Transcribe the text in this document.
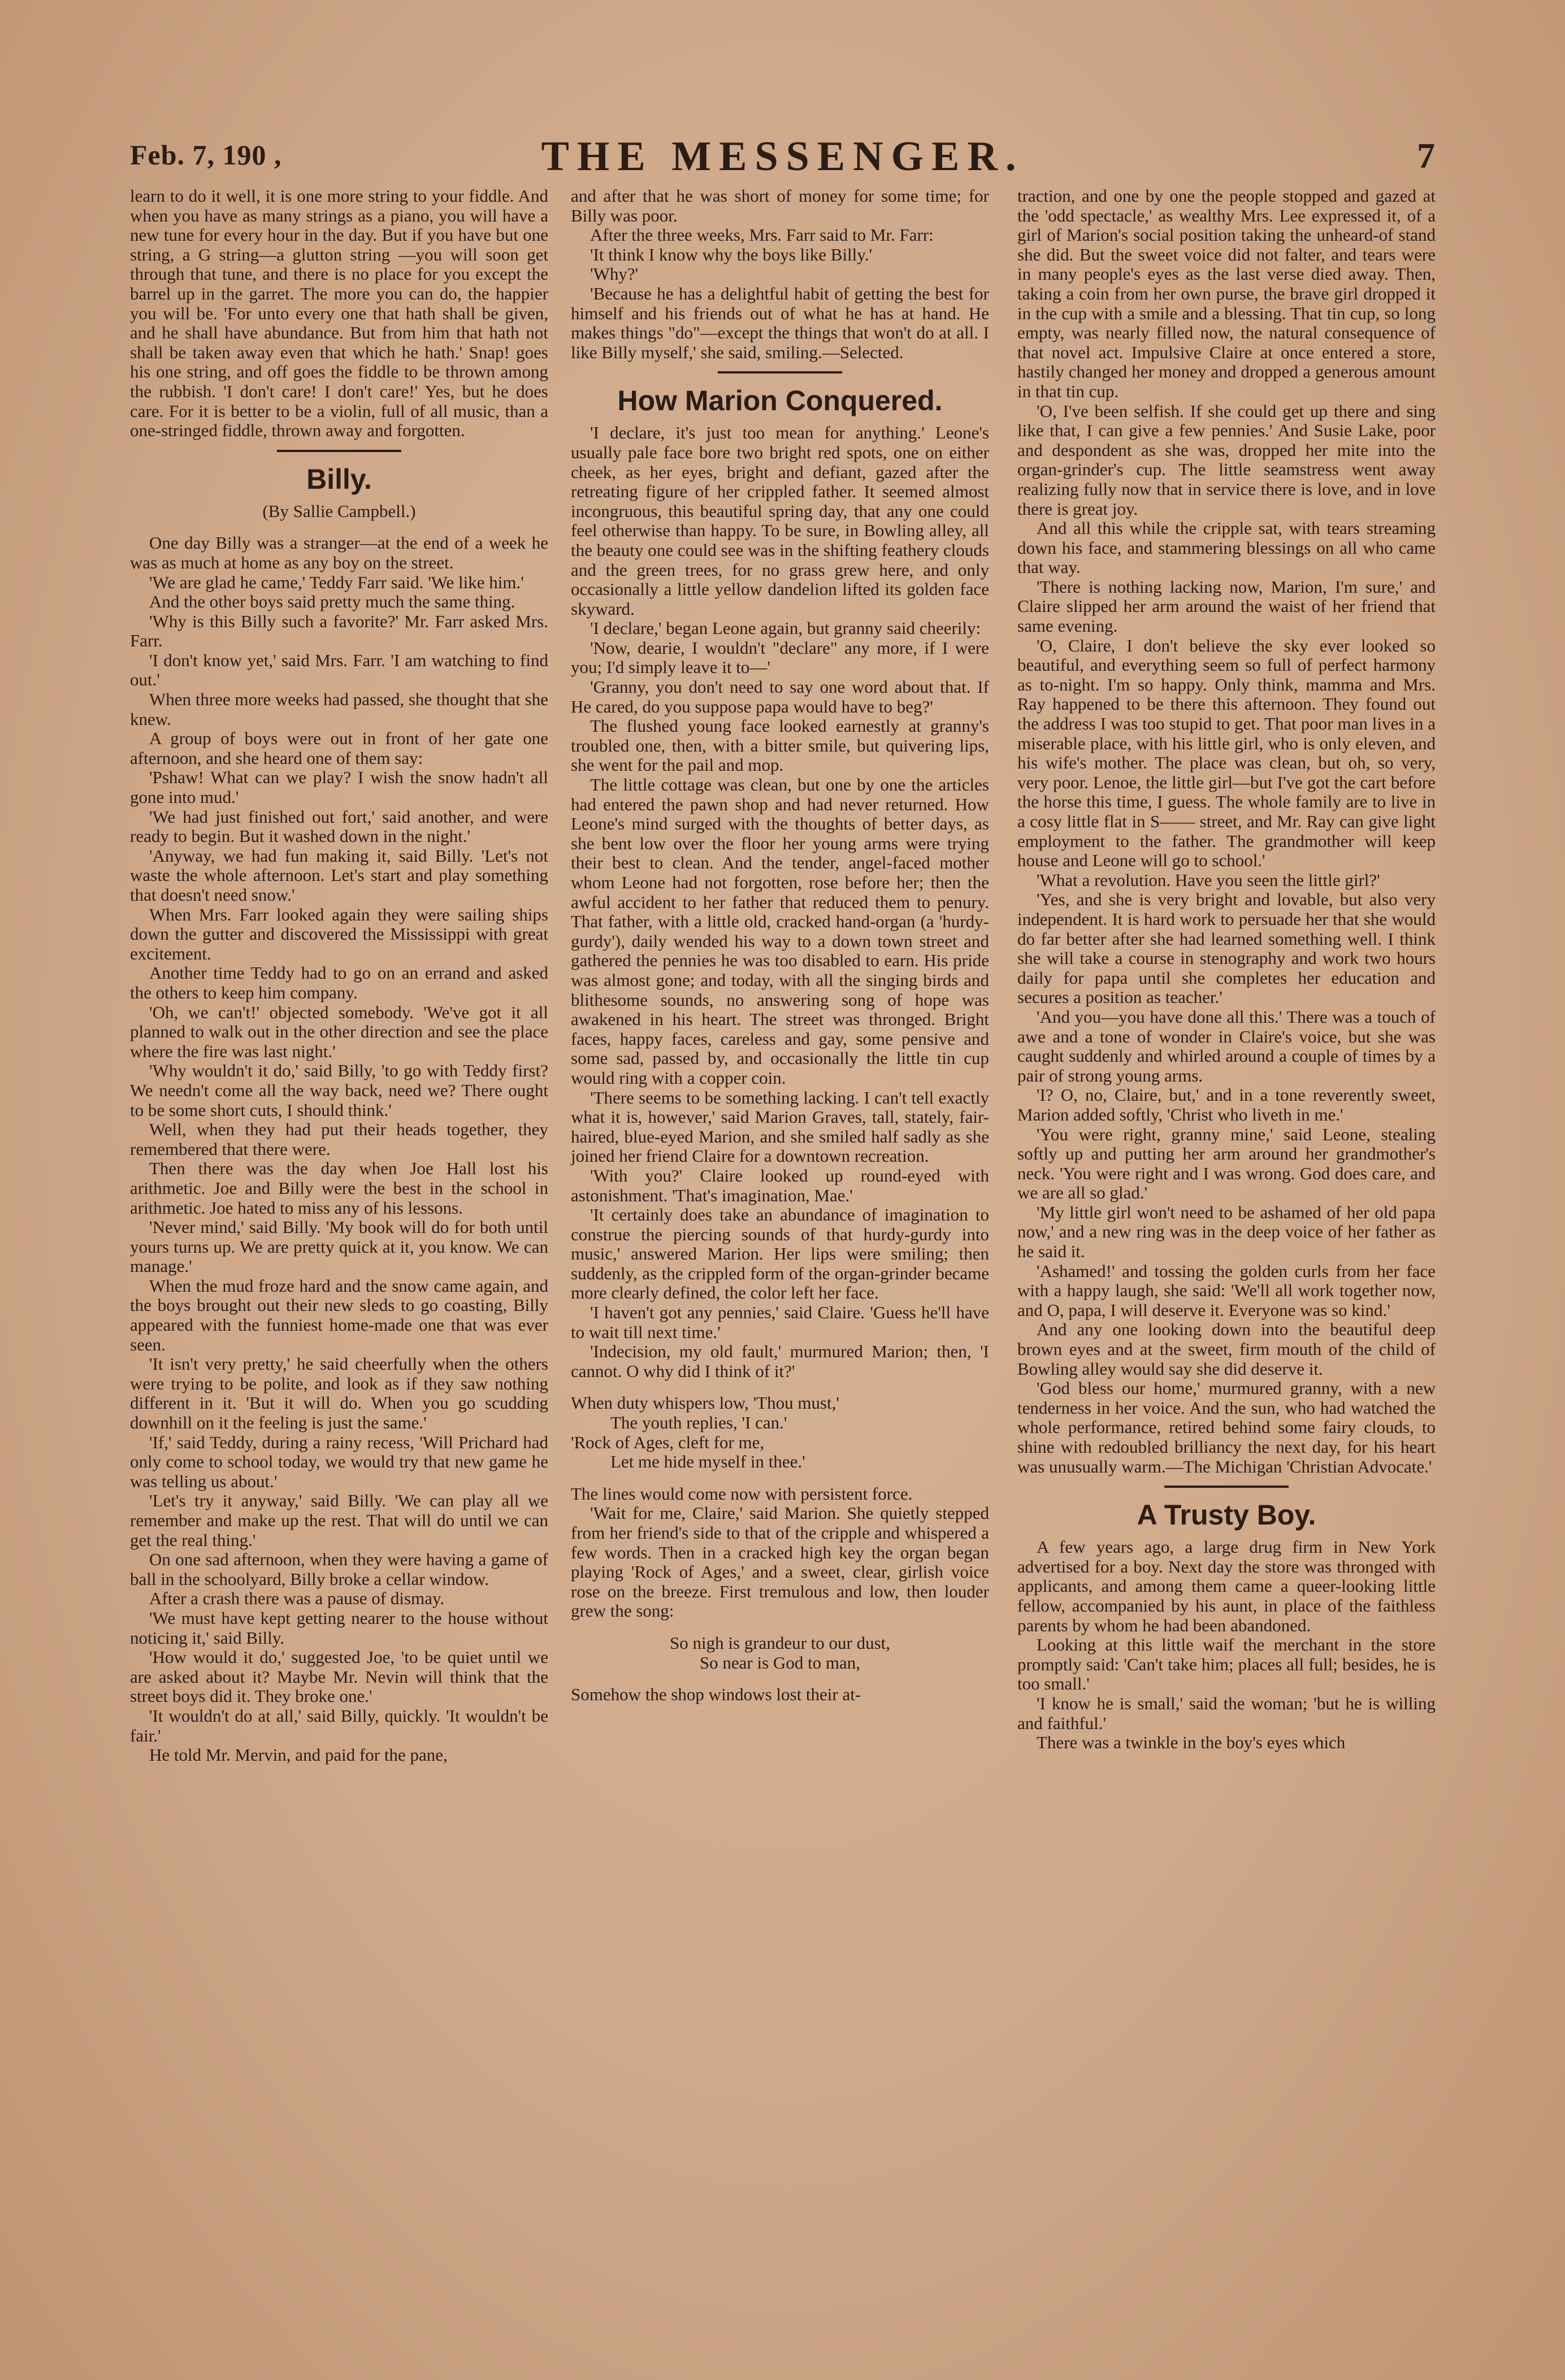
Feb. 7, 190 ,	THE MESSENGER.	7

learn to do it well, it is one more string to your fiddle. And when you have as many strings as a piano, you will have a new tune for every hour in the day. But if you have but one string, a G string—a glutton string —you will soon get through that tune, and there is no place for you except the barrel up in the garret. The more you can do, the happier you will be. 'For unto every one that hath shall be given, and he shall have abundance. But from him that hath not shall be taken away even that which he hath.' Snap! goes his one string, and off goes the fiddle to be thrown among the rubbish. 'I don't care! I don't care!' Yes, but he does care. For it is better to be a violin, full of all music, than a one-stringed fiddle, thrown away and forgotten.

Billy.
(By Sallie Campbell.)

One day Billy was a stranger—at the end of a week he was as much at home as any boy on the street.

'We are glad he came,' Teddy Farr said. 'We like him.'

And the other boys said pretty much the same thing.

'Why is this Billy such a favorite?' Mr. Farr asked Mrs. Farr.

'I don't know yet,' said Mrs. Farr. 'I am watching to find out.'

When three more weeks had passed, she thought that she knew.

A group of boys were out in front of her gate one afternoon, and she heard one of them say:

'Pshaw! What can we play? I wish the snow hadn't all gone into mud.'

'We had just finished out fort,' said another, and were ready to begin. But it washed down in the night.'

'Anyway, we had fun making it, said Billy. 'Let's not waste the whole afternoon. Let's start and play something that doesn't need snow.'

When Mrs. Farr looked again they were sailing ships down the gutter and discovered the Mississippi with great excitement.

Another time Teddy had to go on an errand and asked the others to keep him company.

'Oh, we can't!' objected somebody. 'We've got it all planned to walk out in the other direction and see the place where the fire was last night.'

'Why wouldn't it do,' said Billy, 'to go with Teddy first? We needn't come all the way back, need we? There ought to be some short cuts, I should think.'

Well, when they had put their heads together, they remembered that there were.

Then there was the day when Joe Hall lost his arithmetic. Joe and Billy were the best in the school in arithmetic. Joe hated to miss any of his lessons.

'Never mind,' said Billy. 'My book will do for both until yours turns up. We are pretty quick at it, you know. We can manage.'

When the mud froze hard and the snow came again, and the boys brought out their new sleds to go coasting, Billy appeared with the funniest home-made one that was ever seen.

'It isn't very pretty,' he said cheerfully when the others were trying to be polite, and look as if they saw nothing different in it. 'But it will do. When you go scudding downhill on it the feeling is just the same.'

'If,' said Teddy, during a rainy recess, 'Will Prichard had only come to school today, we would try that new game he was telling us about.'

'Let's try it anyway,' said Billy. 'We can play all we remember and make up the rest. That will do until we can get the real thing.'

On one sad afternoon, when they were having a game of ball in the schoolyard, Billy broke a cellar window.

After a crash there was a pause of dismay.

'We must have kept getting nearer to the house without noticing it,' said Billy.

'How would it do,' suggested Joe, 'to be quiet until we are asked about it? Maybe Mr. Nevin will think that the street boys did it. They broke one.'

'It wouldn't do at all,' said Billy, quickly. 'It wouldn't be fair.'

He told Mr. Mervin, and paid for the pane,

and after that he was short of money for some time; for Billy was poor.

After the three weeks, Mrs. Farr said to Mr. Farr:

'It think I know why the boys like Billy.'

'Why?'

'Because he has a delightful habit of getting the best for himself and his friends out of what he has at hand. He makes things "do"—except the things that won't do at all. I like Billy myself,' she said, smiling.—Selected.

How Marion Conquered.

'I declare, it's just too mean for anything.' Leone's usually pale face bore two bright red spots, one on either cheek, as her eyes, bright and defiant, gazed after the retreating figure of her crippled father. It seemed almost incongruous, this beautiful spring day, that any one could feel otherwise than happy. To be sure, in Bowling alley, all the beauty one could see was in the shifting feathery clouds and the green trees, for no grass grew here, and only occasionally a little yellow dandelion lifted its golden face skyward.

'I declare,' began Leone again, but granny said cheerily:

'Now, dearie, I wouldn't "declare" any more, if I were you; I'd simply leave it to—'

'Granny, you don't need to say one word about that. If He cared, do you suppose papa would have to beg?'

The flushed young face looked earnestly at granny's troubled one, then, with a bitter smile, but quivering lips, she went for the pail and mop.

The little cottage was clean, but one by one the articles had entered the pawn shop and had never returned. How Leone's mind surged with the thoughts of better days, as she bent low over the floor her young arms were trying their best to clean. And the tender, angel-faced mother whom Leone had not forgotten, rose before her; then the awful accident to her father that reduced them to penury. That father, with a little old, cracked hand-organ (a 'hurdy-gurdy'), daily wended his way to a down town street and gathered the pennies he was too disabled to earn. His pride was almost gone; and today, with all the singing birds and blithesome sounds, no answering song of hope was awakened in his heart. The street was thronged. Bright faces, happy faces, careless and gay, some pensive and some sad, passed by, and occasionally the little tin cup would ring with a copper coin.

'There seems to be something lacking. I can't tell exactly what it is, however,' said Marion Graves, tall, stately, fair-haired, blue-eyed Marion, and she smiled half sadly as she joined her friend Claire for a downtown recreation.

'With you?' Claire looked up round-eyed with astonishment. 'That's imagination, Mae.'

'It certainly does take an abundance of imagination to construe the piercing sounds of that hurdy-gurdy into music,' answered Marion. Her lips were smiling; then suddenly, as the crippled form of the organ-grinder became more clearly defined, the color left her face.

'I haven't got any pennies,' said Claire. 'Guess he'll have to wait till next time.'

'Indecision, my old fault,' murmured Marion; then, 'I cannot. O why did I think of it?'

When duty whispers low, 'Thou must,'
The youth replies, 'I can.'
'Rock of Ages, cleft for me,
Let me hide myself in thee.'

The lines would come now with persistent force.

'Wait for me, Claire,' said Marion. She quietly stepped from her friend's side to that of the cripple and whispered a few words. Then in a cracked high key the organ began playing 'Rock of Ages,' and a sweet, clear, girlish voice rose on the breeze. First tremulous and low, then louder grew the song:

So nigh is grandeur to our dust,
So near is God to man,

Somehow the shop windows lost their at-

traction, and one by one the people stopped and gazed at the 'odd spectacle,' as wealthy Mrs. Lee expressed it, of a girl of Marion's social position taking the unheard-of stand she did. But the sweet voice did not falter, and tears were in many people's eyes as the last verse died away. Then, taking a coin from her own purse, the brave girl dropped it in the cup with a smile and a blessing. That tin cup, so long empty, was nearly filled now, the natural consequence of that novel act. Impulsive Claire at once entered a store, hastily changed her money and dropped a generous amount in that tin cup.

'O, I've been selfish. If she could get up there and sing like that, I can give a few pennies.' And Susie Lake, poor and despondent as she was, dropped her mite into the organ-grinder's cup. The little seamstress went away realizing fully now that in service there is love, and in love there is great joy.

And all this while the cripple sat, with tears streaming down his face, and stammering blessings on all who came that way.

'There is nothing lacking now, Marion, I'm sure,' and Claire slipped her arm around the waist of her friend that same evening.

'O, Claire, I don't believe the sky ever looked so beautiful, and everything seem so full of perfect harmony as to-night. I'm so happy. Only think, mamma and Mrs. Ray happened to be there this afternoon. They found out the address I was too stupid to get. That poor man lives in a miserable place, with his little girl, who is only eleven, and his wife's mother. The place was clean, but oh, so very, very poor. Lenoe, the little girl—but I've got the cart before the horse this time, I guess. The whole family are to live in a cosy little flat in S—— street, and Mr. Ray can give light employment to the father. The grandmother will keep house and Leone will go to school.'

'What a revolution. Have you seen the little girl?'

'Yes, and she is very bright and lovable, but also very independent. It is hard work to persuade her that she would do far better after she had learned something well. I think she will take a course in stenography and work two hours daily for papa until she completes her education and secures a position as teacher.'

'And you—you have done all this.' There was a touch of awe and a tone of wonder in Claire's voice, but she was caught suddenly and whirled around a couple of times by a pair of strong young arms.

'I? O, no, Claire, but,' and in a tone reverently sweet, Marion added softly, 'Christ who liveth in me.'

'You were right, granny mine,' said Leone, stealing softly up and putting her arm around her grandmother's neck. 'You were right and I was wrong. God does care, and we are all so glad.'

'My little girl won't need to be ashamed of her old papa now,' and a new ring was in the deep voice of her father as he said it.

'Ashamed!' and tossing the golden curls from her face with a happy laugh, she said: 'We'll all work together now, and O, papa, I will deserve it. Everyone was so kind.'

And any one looking down into the beautiful deep brown eyes and at the sweet, firm mouth of the child of Bowling alley would say she did deserve it.

'God bless our home,' murmured granny, with a new tenderness in her voice. And the sun, who had watched the whole performance, retired behind some fairy clouds, to shine with redoubled brilliancy the next day, for his heart was unusually warm.—The Michigan 'Christian Advocate.'

A Trusty Boy.

A few years ago, a large drug firm in New York advertised for a boy. Next day the store was thronged with applicants, and among them came a queer-looking little fellow, accompanied by his aunt, in place of the faithless parents by whom he had been abandoned.

Looking at this little waif the merchant in the store promptly said: 'Can't take him; places all full; besides, he is too small.'

'I know he is small,' said the woman; 'but he is willing and faithful.'

There was a twinkle in the boy's eyes which
